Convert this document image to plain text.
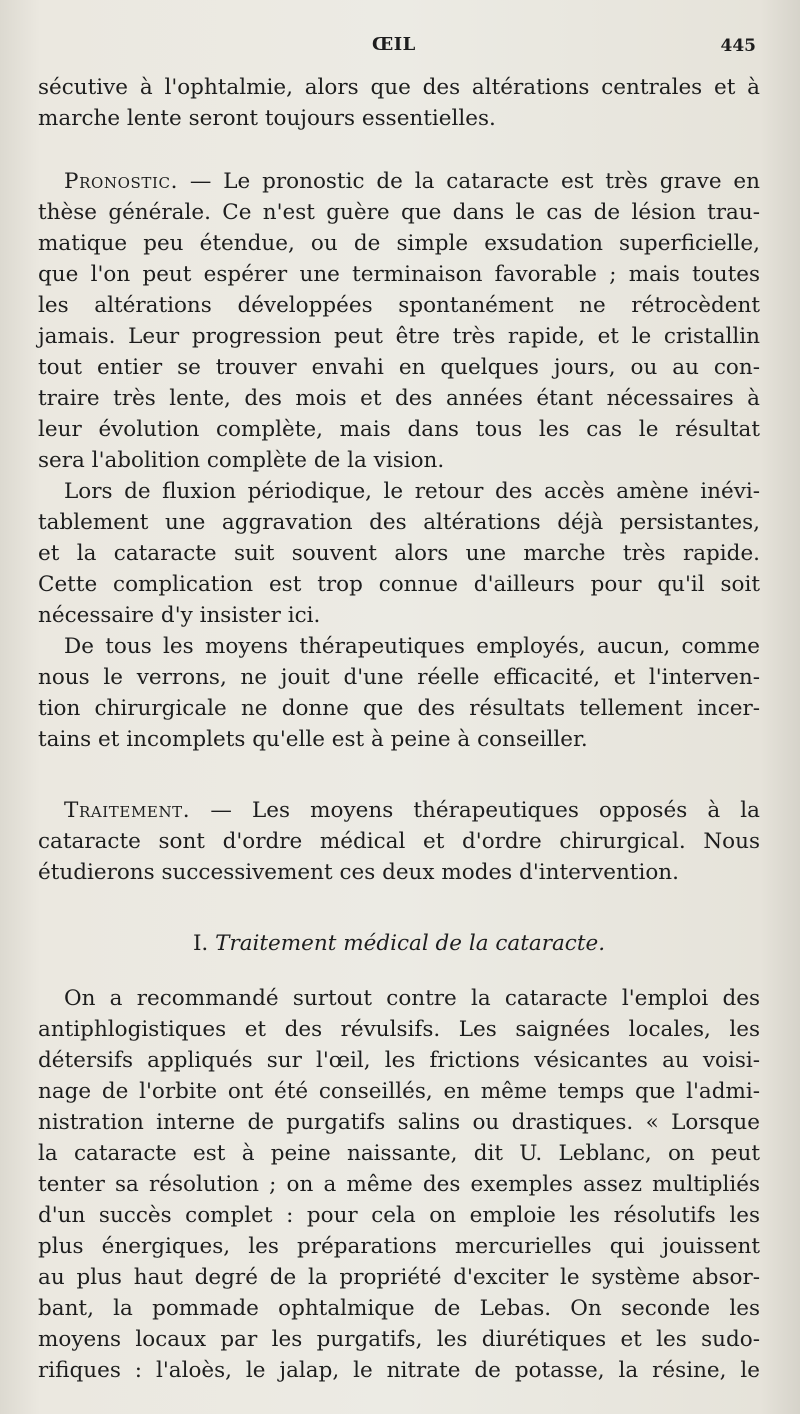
ŒIL	445
sécutive à l'ophtalmie, alors que des altérations centrales et à
marche lente seront toujours essentielles.
Pronostic. — Le pronostic de la cataracte est très grave en
thèse générale. Ce n'est guère que dans le cas de lésion trau-
matique peu étendue, ou de simple exsudation superficielle,
que l'on peut espérer une terminaison favorable ; mais toutes
les altérations développées spontanément ne rétrocèdent
jamais. Leur progression peut être très rapide, et le cristallin
tout entier se trouver envahi en quelques jours, ou au con-
traire très lente, des mois et des années étant nécessaires à
leur évolution complète, mais dans tous les cas le résultat
sera l'abolition complète de la vision.
Lors de fluxion périodique, le retour des accès amène inévi-
tablement une aggravation des altérations déjà persistantes,
et la cataracte suit souvent alors une marche très rapide.
Cette complication est trop connue d'ailleurs pour qu'il soit
nécessaire d'y insister ici.
De tous les moyens thérapeutiques employés, aucun, comme
nous le verrons, ne jouit d'une réelle efficacité, et l'interven-
tion chirurgicale ne donne que des résultats tellement incer-
tains et incomplets qu'elle est à peine à conseiller.
Traitement. — Les moyens thérapeutiques opposés à la
cataracte sont d'ordre médical et d'ordre chirurgical. Nous
étudierons successivement ces deux modes d'intervention.
I. Traitement médical de la cataracte.
On a recommandé surtout contre la cataracte l'emploi des
antiphlogistiques et des révulsifs. Les saignées locales, les
détersifs appliqués sur l'œil, les frictions vésicantes au voisi-
nage de l'orbite ont été conseillés, en même temps que l'admi-
nistration interne de purgatifs salins ou drastiques. « Lorsque
la cataracte est à peine naissante, dit U. Leblanc, on peut
tenter sa résolution ; on a même des exemples assez multipliés
d'un succès complet : pour cela on emploie les résolutifs les
plus énergiques, les préparations mercurielles qui jouissent
au plus haut degré de la propriété d'exciter le système absor-
bant, la pommade ophtalmique de Lebas. On seconde les
moyens locaux par les purgatifs, les diurétiques et les sudo-
rifiques : l'aloès, le jalap, le nitrate de potasse, la résine, le
